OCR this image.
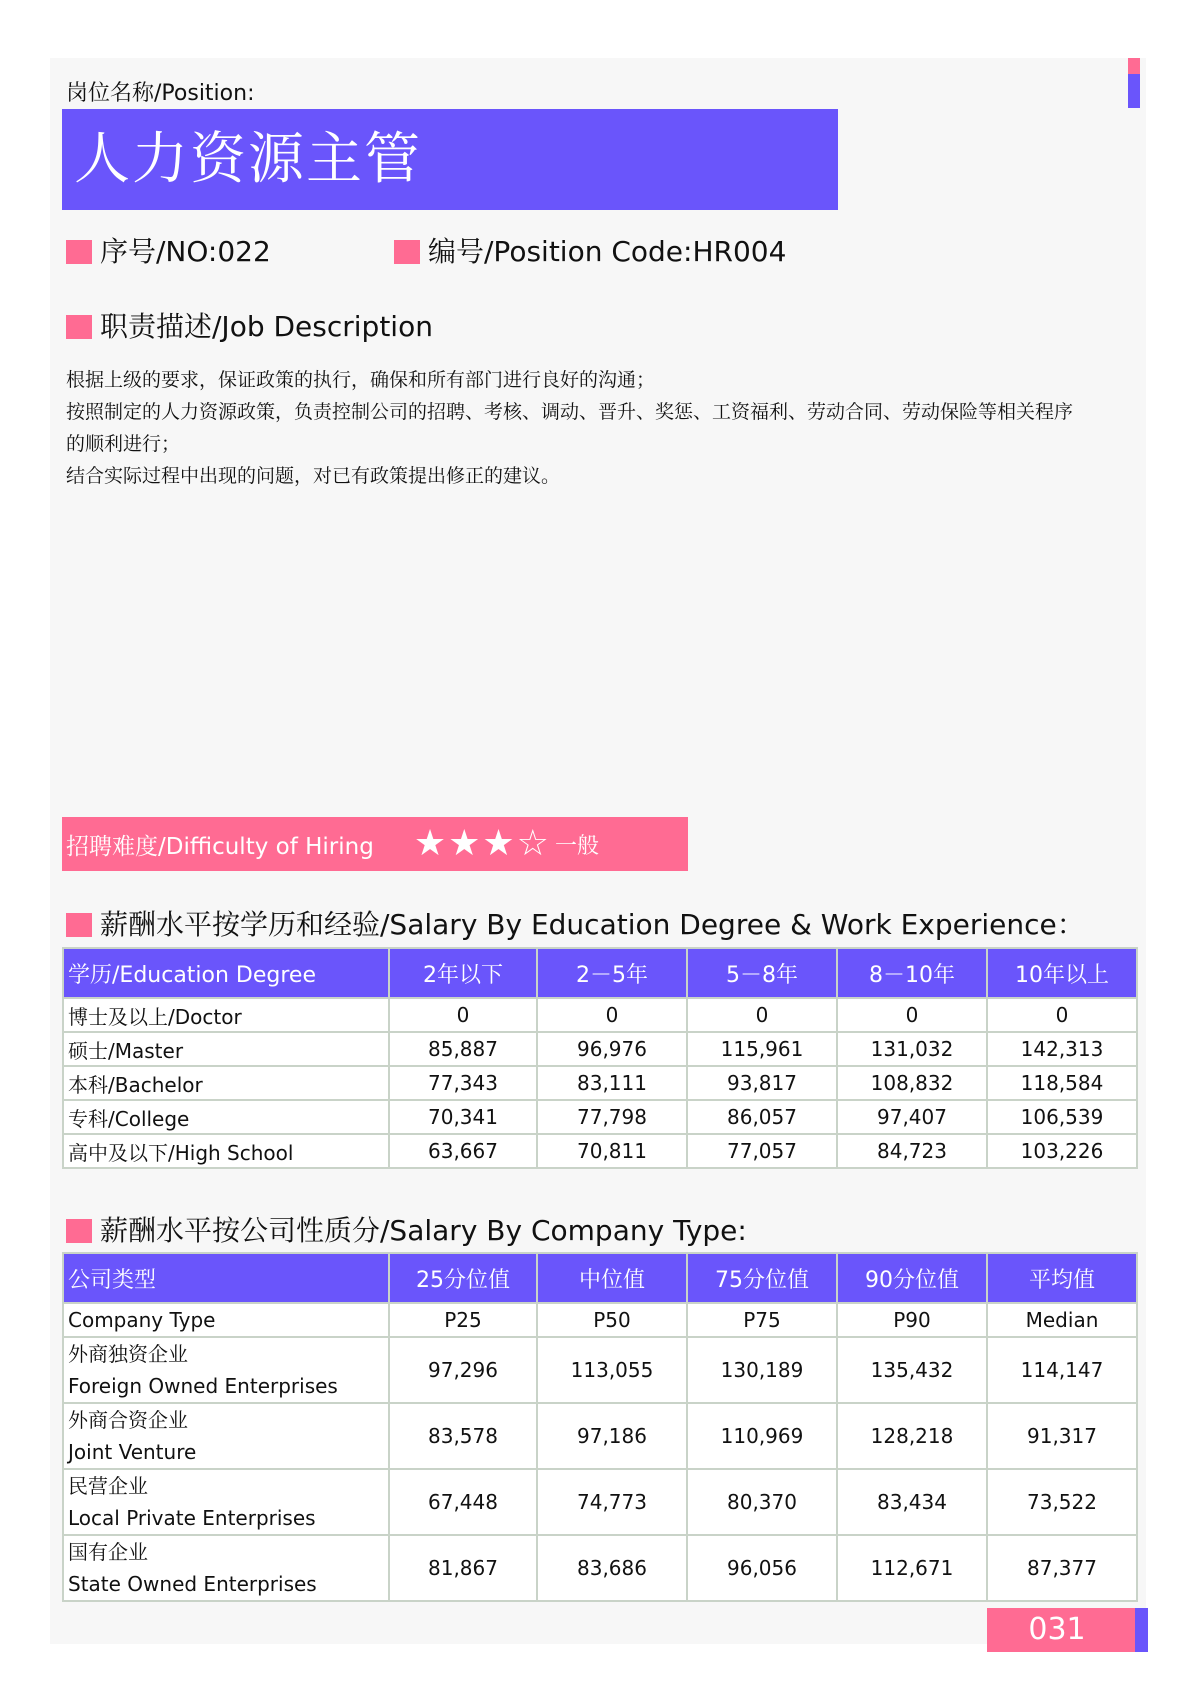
岗位名称/Position:
人力资源主管
序号/NO:022	编号/Position Code:HR004
职责描述/Job Description
根据上级的要求，保证政策的执行，确保和所有部门进行良好的沟通；
按照制定的人力资源政策，负责控制公司的招聘、考核、调动、晋升、奖惩、工资福利、劳动合同、劳动保险等相关程序
的顺利进行；
结合实际过程中出现的问题，对已有政策提出修正的建议。
招聘难度/Difficulty of Hiring ★ ★ ★ ☆ 一般
薪酬水平按学历和经验/Salary By Education Degree & Work Experience：
学历/Education Degree	2年以下	2－5年	5－8年	8－10年	10年以上
博士及以上/Doctor	0	0	0	0	0
硕士/Master	85,887	96,976	115,961	131,032	142,313
本科/Bachelor	77,343	83,111	93,817	108,832	118,584
专科/College	70,341	77,798	86,057	97,407	106,539
高中及以下/High School	63,667	70,811	77,057	84,723	103,226
薪酬水平按公司性质分/Salary By Company Type:
公司类型	25分位值	中位值	75分位值	90分位值	平均值
Company Type	P25	P50	P75	P90	Median

外商独资企业
Foreign Owned Enterprises	97,296	113,055	130,189	135,432	114,147

外商合资企业
Joint Venture	83,578	97,186	110,969	128,218	91,317

民营企业
Local Private Enterprises	67,448	74,773	80,370	83,434	73,522

国有企业
State Owned Enterprises	81,867	83,686	96,056	112,671	87,377
031
